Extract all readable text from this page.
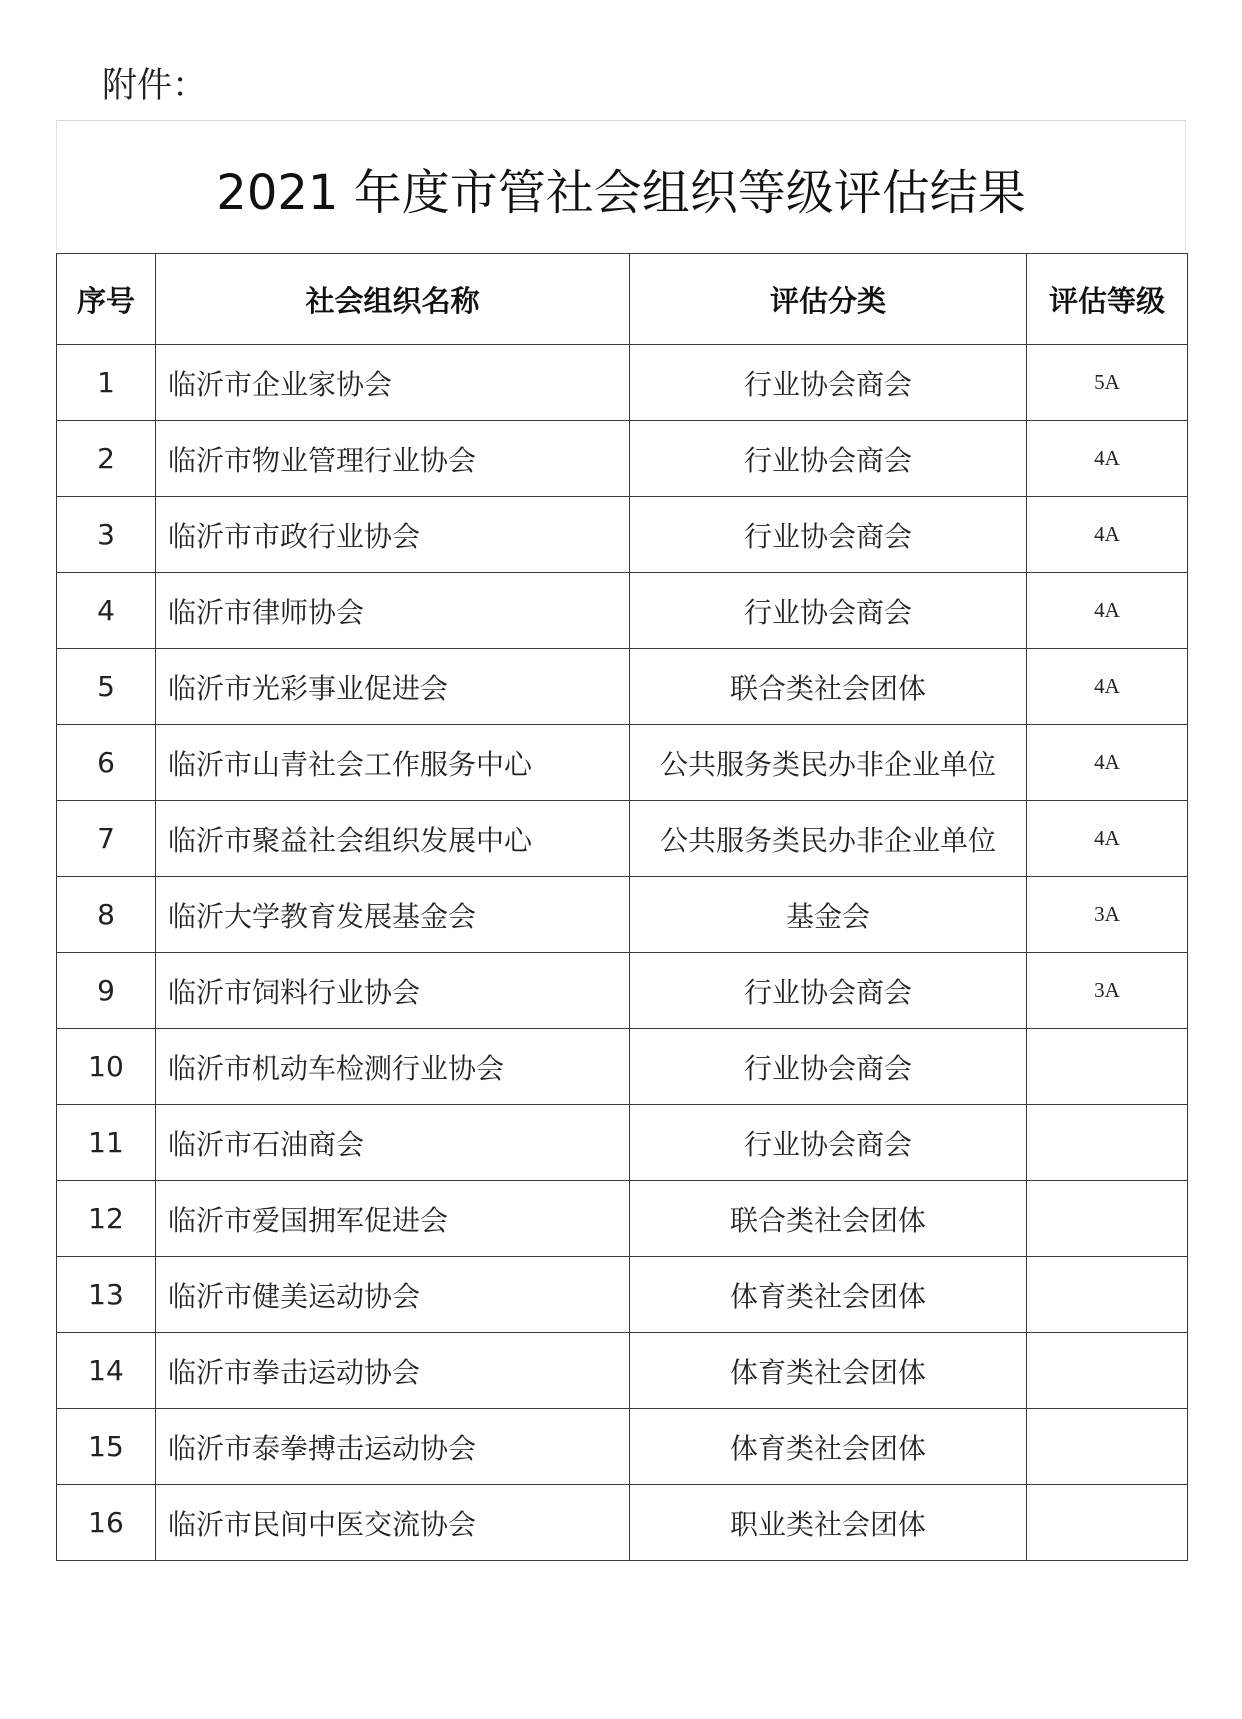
附件：
2021 年度市管社会组织等级评估结果
序号	社会组织名称	评估分类	评估等级
1	临沂市企业家协会	行业协会商会	5A
2	临沂市物业管理行业协会	行业协会商会	4A
3	临沂市市政行业协会	行业协会商会	4A
4	临沂市律师协会	行业协会商会	4A
5	临沂市光彩事业促进会	联合类社会团体	4A
6	临沂市山青社会工作服务中心	公共服务类民办非企业单位	4A
7	临沂市聚益社会组织发展中心	公共服务类民办非企业单位	4A
8	临沂大学教育发展基金会	基金会	3A
9	临沂市饲料行业协会	行业协会商会	3A
10	临沂市机动车检测行业协会	行业协会商会	
11	临沂市石油商会	行业协会商会	
12	临沂市爱国拥军促进会	联合类社会团体	
13	临沂市健美运动协会	体育类社会团体	
14	临沂市拳击运动协会	体育类社会团体	
15	临沂市泰拳搏击运动协会	体育类社会团体	
16	临沂市民间中医交流协会	职业类社会团体	
